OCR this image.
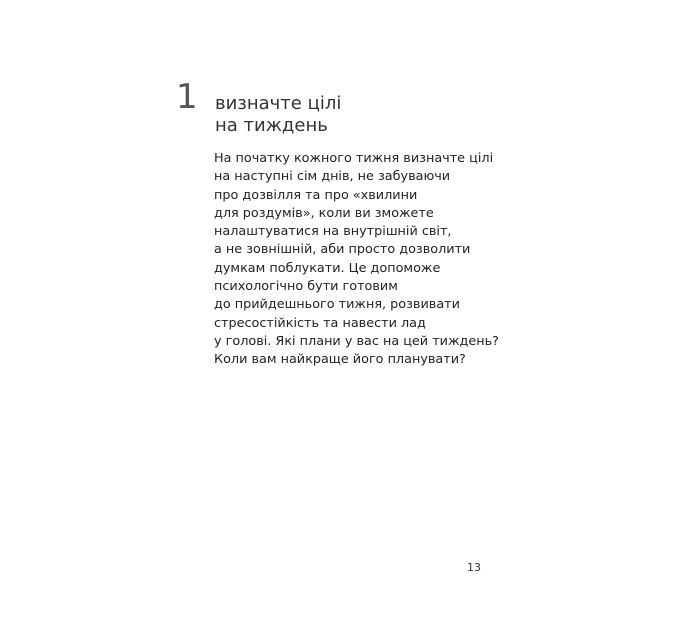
1 визначте цілі
на тиждень

На початку кожного тижня визначте цілі
на наступні сім днів, не забуваючи
про дозвілля та про «хвилини
для роздумів», коли ви зможете
налаштуватися на внутрішній світ,
а не зовнішній, аби просто дозволити
думкам поблукати. Це допоможе
психологічно бути готовим
до прийдешнього тижня, розвивати
стресостійкість та навести лад
у голові. Які плани у вас на цей тиждень?
Коли вам найкраще його планувати?

13
